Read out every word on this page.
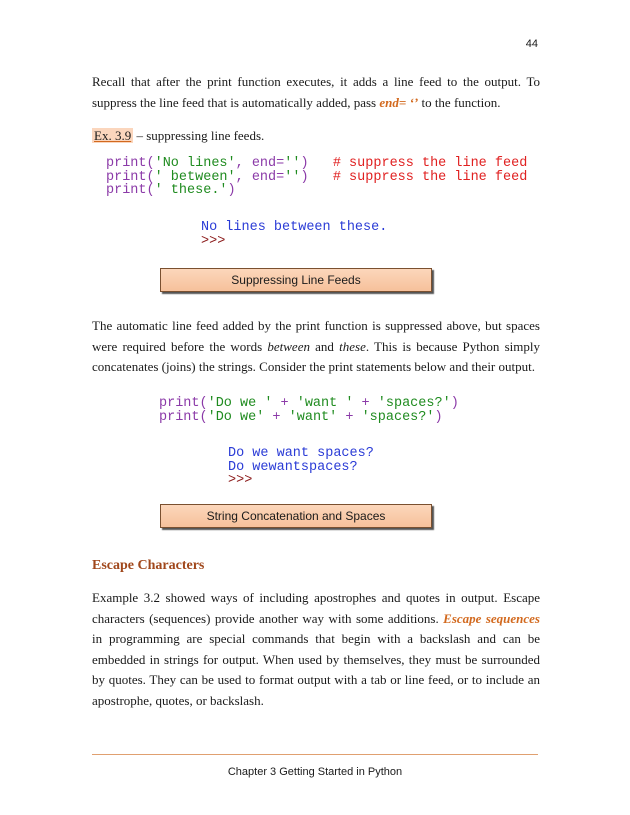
44

Recall that after the print function executes, it adds a line feed to the output. To suppress the line feed that is automatically added, pass end= ‘’ to the function.

Ex. 3.9 – suppressing line feeds.

print('No lines', end='') # suppress the line feed
print(' between', end='') # suppress the line feed
print(' these.')
No lines between these.
>>>
Suppressing Line Feeds

The automatic line feed added by the print function is suppressed above, but spaces were required before the words between and these. This is because Python simply concatenates (joins) the strings. Consider the print statements below and their output.

print('Do we ' + 'want ' + 'spaces?')
print('Do we' + 'want' + 'spaces?')
Do we want spaces?
Do wewantspaces?
>>>
String Concatenation and Spaces
Escape Characters

Example 3.2 showed ways of including apostrophes and quotes in output. Escape characters (sequences) provide another way with some additions. Escape sequences in programming are special commands that begin with a backslash and can be embedded in strings for output. When used by themselves, they must be surrounded by quotes. They can be used to format output with a tab or line feed, or to include an apostrophe, quotes, or backslash.

Chapter 3 Getting Started in Python
